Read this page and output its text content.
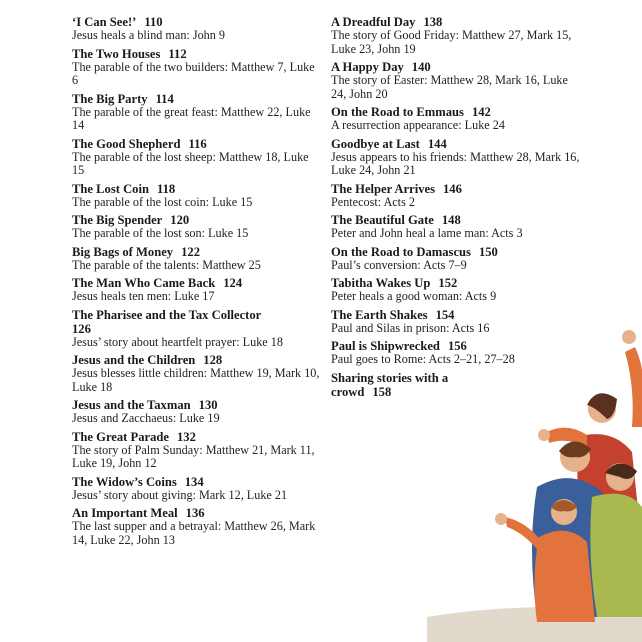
‘I Can See!’ 110
Jesus heals a blind man: John 9
The Two Houses 112
The parable of the two builders: Matthew 7, Luke 6
The Big Party 114
The parable of the great feast: Matthew 22, Luke 14
The Good Shepherd 116
The parable of the lost sheep: Matthew 18, Luke 15
The Lost Coin 118
The parable of the lost coin: Luke 15
The Big Spender 120
The parable of the lost son: Luke 15
Big Bags of Money 122
The parable of the talents: Matthew 25
The Man Who Came Back 124
Jesus heals ten men: Luke 17
The Pharisee and the Tax Collector
126
Jesus’ story about heartfelt prayer: Luke 18
Jesus and the Children 128
Jesus blesses little children: Matthew 19, Mark 10, Luke 18
Jesus and the Taxman 130
Jesus and Zacchaeus: Luke 19
The Great Parade 132
The story of Palm Sunday: Matthew 21, Mark 11, Luke 19, John 12
The Widow’s Coins 134
Jesus’ story about giving: Mark 12, Luke 21
An Important Meal 136
The last supper and a betrayal: Matthew 26, Mark 14, Luke 22, John 13
A Dreadful Day 138
The story of Good Friday: Matthew 27, Mark 15, Luke 23, John 19
A Happy Day 140
The story of Easter: Matthew 28, Mark 16, Luke 24, John 20
On the Road to Emmaus 142
A resurrection appearance: Luke 24
Goodbye at Last 144
Jesus appears to his friends: Matthew 28, Mark 16, Luke 24, John 21
The Helper Arrives 146
Pentecost: Acts 2
The Beautiful Gate 148
Peter and John heal a lame man: Acts 3
On the Road to Damascus 150
Paul’s conversion: Acts 7–9
Tabitha Wakes Up 152
Peter heals a good woman: Acts 9
The Earth Shakes 154
Paul and Silas in prison: Acts 16
Paul is Shipwrecked 156
Paul goes to Rome: Acts 2–21, 27–28
Sharing stories with a crowd 158
